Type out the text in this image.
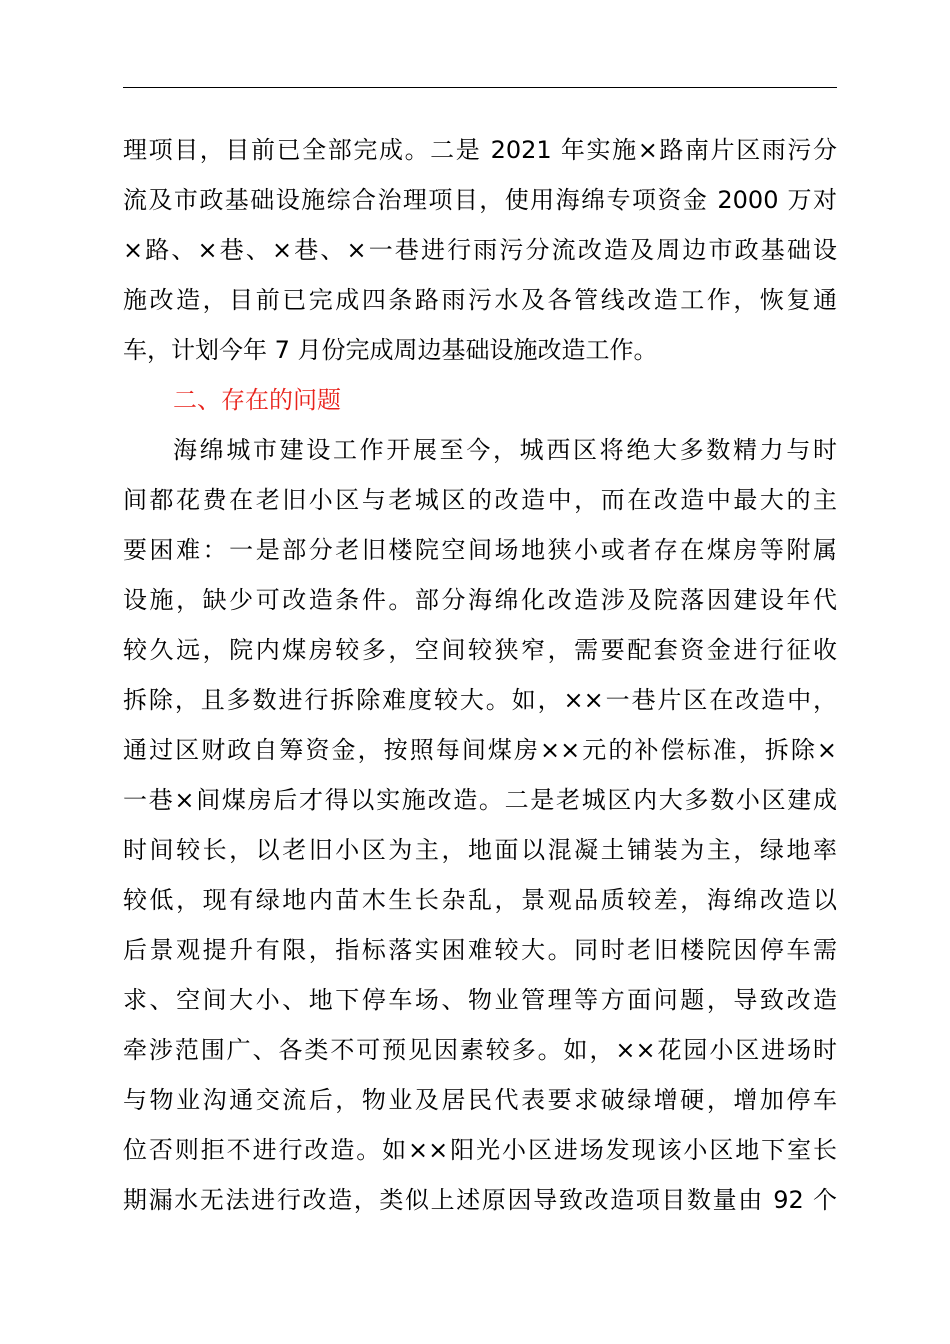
理项目，目前已全部完成。二是 2021 年实施×路南片区雨污分
流及市政基础设施综合治理项目，使用海绵专项资金 2000 万对
×路、×巷、×巷、×一巷进行雨污分流改造及周边市政基础设
施改造，目前已完成四条路雨污水及各管线改造工作，恢复通
车，计划今年 7 月份完成周边基础设施改造工作。
二、存在的问题
海绵城市建设工作开展至今，城西区将绝大多数精力与时
间都花费在老旧小区与老城区的改造中，而在改造中最大的主
要困难：一是部分老旧楼院空间场地狭小或者存在煤房等附属
设施，缺少可改造条件。部分海绵化改造涉及院落因建设年代
较久远，院内煤房较多，空间较狭窄，需要配套资金进行征收
拆除，且多数进行拆除难度较大。如，××一巷片区在改造中，
通过区财政自筹资金，按照每间煤房××元的补偿标准，拆除×
一巷×间煤房后才得以实施改造。二是老城区内大多数小区建成
时间较长，以老旧小区为主，地面以混凝土铺装为主，绿地率
较低，现有绿地内苗木生长杂乱，景观品质较差，海绵改造以
后景观提升有限，指标落实困难较大。同时老旧楼院因停车需
求、空间大小、地下停车场、物业管理等方面问题，导致改造
牵涉范围广、各类不可预见因素较多。如，××花园小区进场时
与物业沟通交流后，物业及居民代表要求破绿增硬，增加停车
位否则拒不进行改造。如××阳光小区进场发现该小区地下室长
期漏水无法进行改造，类似上述原因导致改造项目数量由 92 个
